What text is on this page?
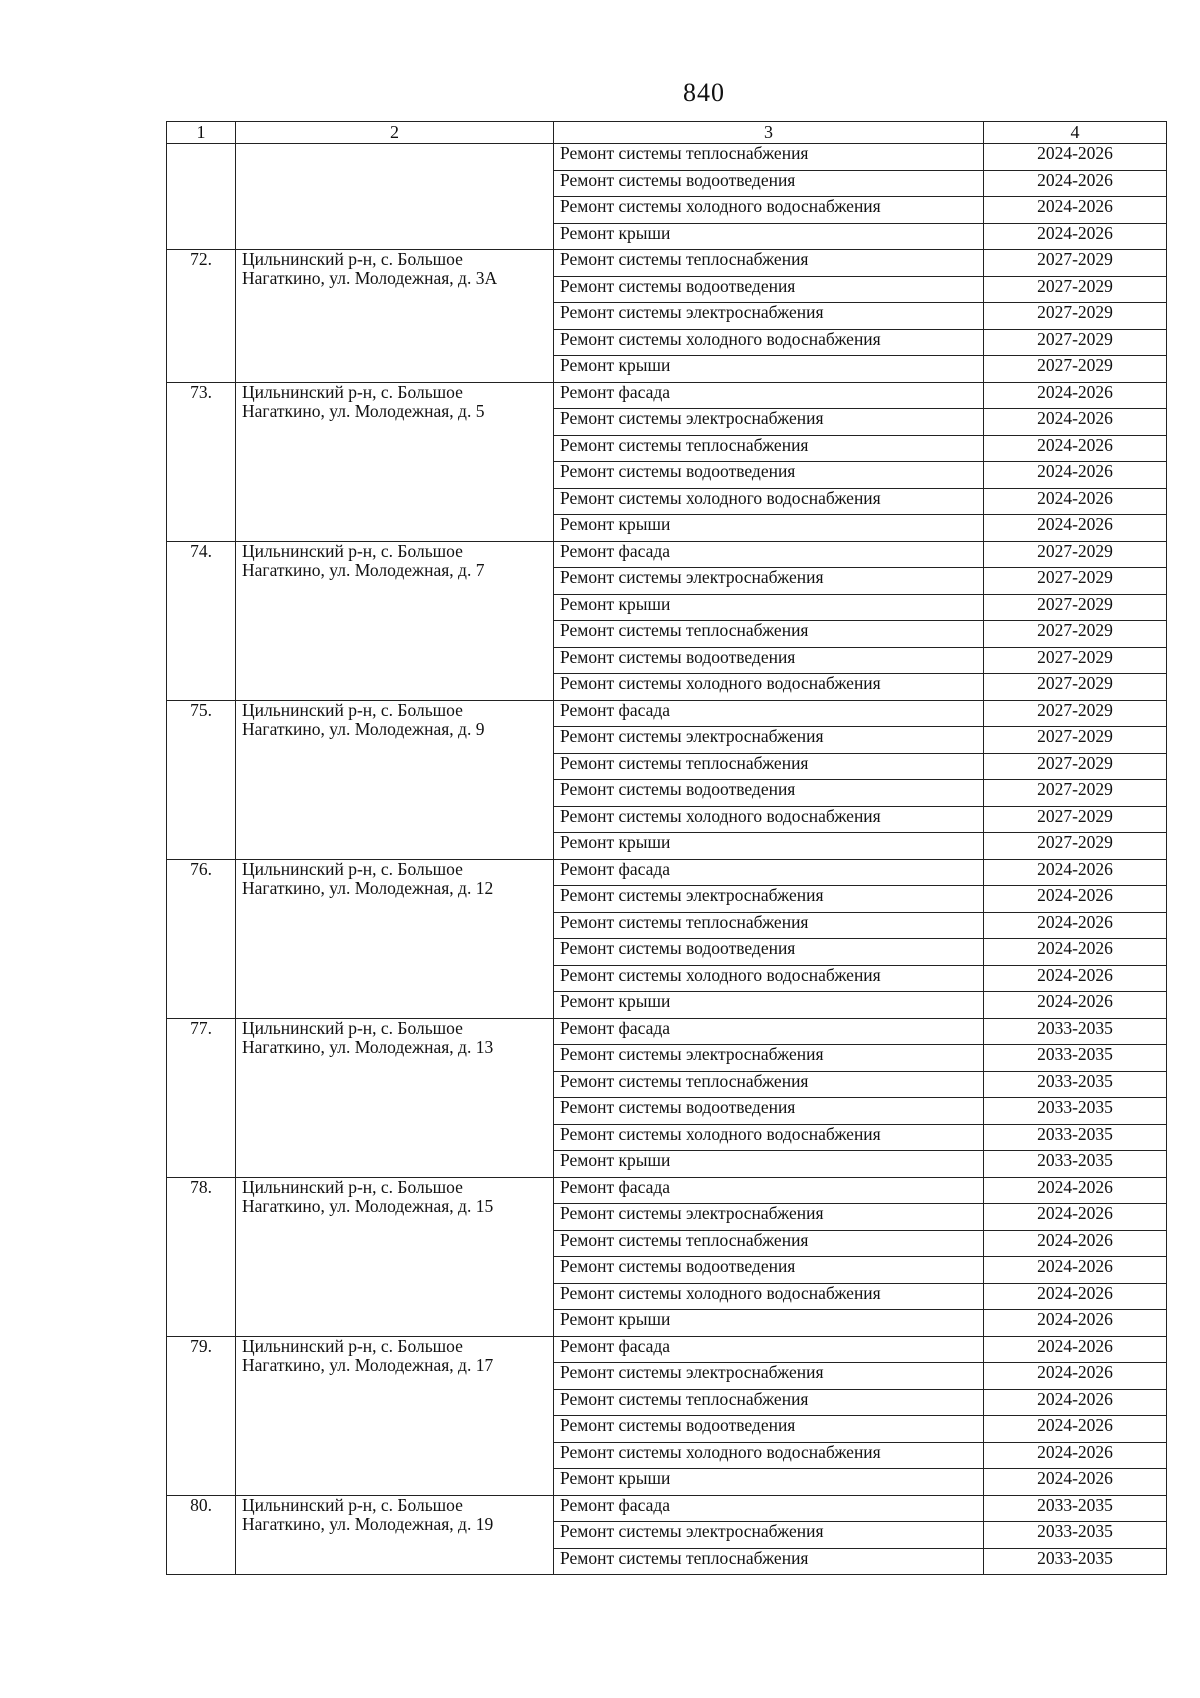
840
1	2	3	4
		Ремонт системы теплоснабжения	2024-2026
		Ремонт системы водоотведения	2024-2026
		Ремонт системы холодного водоснабжения	2024-2026
		Ремонт крыши	2024-2026
72.	Цильнинский р-н, с. Большое Нагаткино, ул. Молодежная, д. 3А	Ремонт системы теплоснабжения	2027-2029
		Ремонт системы водоотведения	2027-2029
		Ремонт системы электроснабжения	2027-2029
		Ремонт системы холодного водоснабжения	2027-2029
		Ремонт крыши	2027-2029
73.	Цильнинский р-н, с. Большое Нагаткино, ул. Молодежная, д. 5	Ремонт фасада	2024-2026
		Ремонт системы электроснабжения	2024-2026
		Ремонт системы теплоснабжения	2024-2026
		Ремонт системы водоотведения	2024-2026
		Ремонт системы холодного водоснабжения	2024-2026
		Ремонт крыши	2024-2026
74.	Цильнинский р-н, с. Большое Нагаткино, ул. Молодежная, д. 7	Ремонт фасада	2027-2029
		Ремонт системы электроснабжения	2027-2029
		Ремонт крыши	2027-2029
		Ремонт системы теплоснабжения	2027-2029
		Ремонт системы водоотведения	2027-2029
		Ремонт системы холодного водоснабжения	2027-2029
75.	Цильнинский р-н, с. Большое Нагаткино, ул. Молодежная, д. 9	Ремонт фасада	2027-2029
		Ремонт системы электроснабжения	2027-2029
		Ремонт системы теплоснабжения	2027-2029
		Ремонт системы водоотведения	2027-2029
		Ремонт системы холодного водоснабжения	2027-2029
		Ремонт крыши	2027-2029
76.	Цильнинский р-н, с. Большое Нагаткино, ул. Молодежная, д. 12	Ремонт фасада	2024-2026
		Ремонт системы электроснабжения	2024-2026
		Ремонт системы теплоснабжения	2024-2026
		Ремонт системы водоотведения	2024-2026
		Ремонт системы холодного водоснабжения	2024-2026
		Ремонт крыши	2024-2026
77.	Цильнинский р-н, с. Большое Нагаткино, ул. Молодежная, д. 13	Ремонт фасада	2033-2035
		Ремонт системы электроснабжения	2033-2035
		Ремонт системы теплоснабжения	2033-2035
		Ремонт системы водоотведения	2033-2035
		Ремонт системы холодного водоснабжения	2033-2035
		Ремонт крыши	2033-2035
78.	Цильнинский р-н, с. Большое Нагаткино, ул. Молодежная, д. 15	Ремонт фасада	2024-2026
		Ремонт системы электроснабжения	2024-2026
		Ремонт системы теплоснабжения	2024-2026
		Ремонт системы водоотведения	2024-2026
		Ремонт системы холодного водоснабжения	2024-2026
		Ремонт крыши	2024-2026
79.	Цильнинский р-н, с. Большое Нагаткино, ул. Молодежная, д. 17	Ремонт фасада	2024-2026
		Ремонт системы электроснабжения	2024-2026
		Ремонт системы теплоснабжения	2024-2026
		Ремонт системы водоотведения	2024-2026
		Ремонт системы холодного водоснабжения	2024-2026
		Ремонт крыши	2024-2026
80.	Цильнинский р-н, с. Большое Нагаткино, ул. Молодежная, д. 19	Ремонт фасада	2033-2035
		Ремонт системы электроснабжения	2033-2035
		Ремонт системы теплоснабжения	2033-2035
